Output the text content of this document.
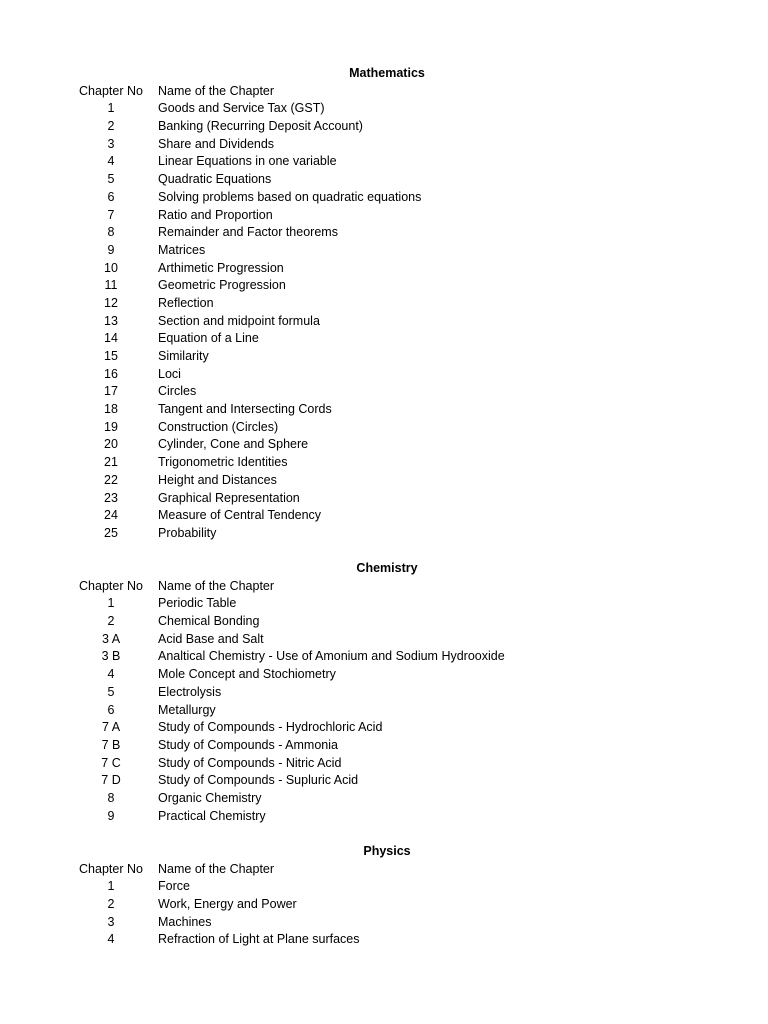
Mathematics
Chapter No	Name of the Chapter
1	Goods and Service Tax (GST)
2	Banking (Recurring Deposit Account)
3	Share and Dividends
4	Linear Equations in one variable
5	Quadratic Equations
6	Solving problems based on quadratic equations
7	Ratio and Proportion
8	Remainder and Factor theorems
9	Matrices
10	Arthimetic Progression
11	Geometric Progression
12	Reflection
13	Section and midpoint formula
14	Equation of a Line
15	Similarity
16	Loci
17	Circles
18	Tangent and Intersecting Cords
19	Construction (Circles)
20	Cylinder, Cone and Sphere
21	Trigonometric Identities
22	Height and Distances
23	Graphical Representation
24	Measure of Central Tendency
25	Probability
Chemistry
Chapter No	Name of the Chapter
1	Periodic Table
2	Chemical Bonding
3 A	Acid Base and Salt
3 B	Analtical Chemistry - Use of Amonium and Sodium Hydrooxide
4	Mole Concept and Stochiometry
5	Electrolysis
6	Metallurgy
7 A	Study of Compounds - Hydrochloric Acid
7 B	Study of Compounds - Ammonia
7 C	Study of Compounds - Nitric Acid
7 D	Study of Compounds - Supluric Acid
8	Organic Chemistry
9	Practical Chemistry
Physics
Chapter No	Name of the Chapter
1	Force
2	Work, Energy and Power
3	Machines
4	Refraction of Light at Plane surfaces
